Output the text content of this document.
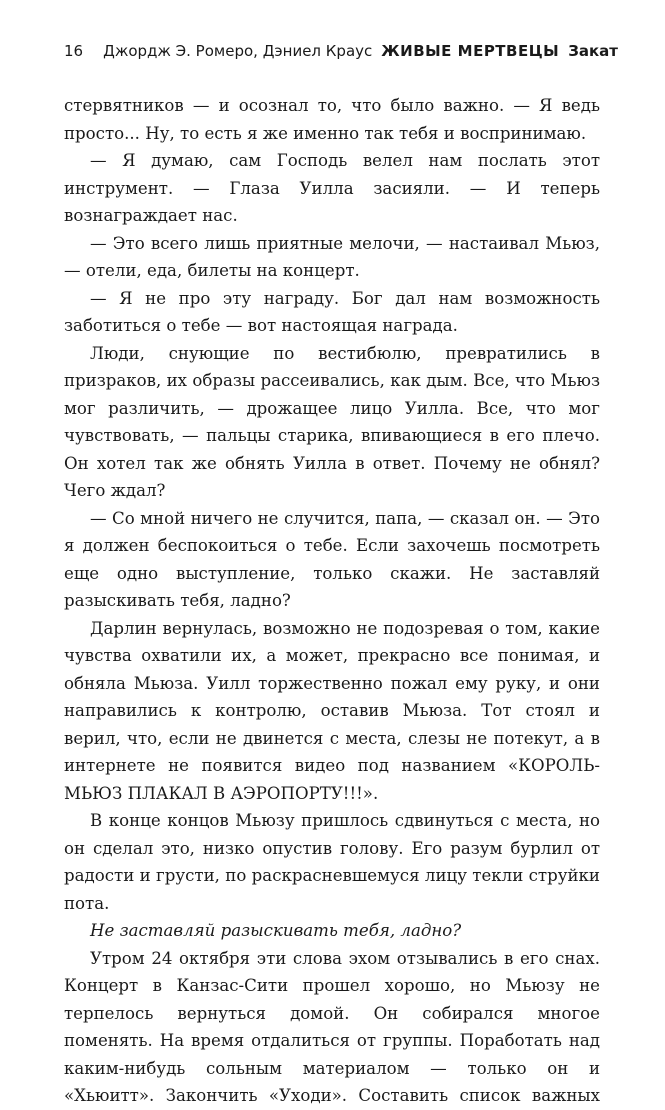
16 Джордж Э. Ромеро, Дэниел Краус ЖИВЫЕ МЕРТВЕЦЫ Закат

стервятников — и осознал то, что было важно. — Я ведь просто... Ну, то есть я же именно так тебя и воспринимаю.

— Я думаю, сам Господь велел нам послать этот инструмент. — Глаза Уилла засияли. — И теперь вознаграждает нас.

— Это всего лишь приятные мелочи, — настаивал Мьюз, — отели, еда, билеты на концерт.

— Я не про эту награду. Бог дал нам возможность заботиться о тебе — вот настоящая награда.

Люди, снующие по вестибюлю, превратились в призраков, их образы рассеивались, как дым. Все, что Мьюз мог различить, — дрожащее лицо Уилла. Все, что мог чувствовать, — пальцы старика, впивающиеся в его плечо. Он хотел так же обнять Уилла в ответ. Почему не обнял? Чего ждал?

— Со мной ничего не случится, папа, — сказал он. — Это я должен беспокоиться о тебе. Если захочешь посмотреть еще одно выступление, только скажи. Не заставляй разыскивать тебя, ладно?

Дарлин вернулась, возможно не подозревая о том, какие чувства охватили их, а может, прекрасно все понимая, и обняла Мьюза. Уилл торжественно пожал ему руку, и они направились к контролю, оставив Мьюза. Тот стоял и верил, что, если не двинется с места, слезы не потекут, а в интернете не появится видео под названием «КОРОЛЬ-МЬЮЗ ПЛАКАЛ В АЭРОПОРТУ!!!».

В конце концов Мьюзу пришлось сдвинуться с места, но он сделал это, низко опустив голову. Его разум бурлил от радости и грусти, по раскрасневшемуся лицу текли струйки пота.

Не заставляй разыскивать тебя, ладно?

Утром 24 октября эти слова эхом отзывались в его снах. Концерт в Канзас-Сити прошел хорошо, но Мьюзу не терпелось вернуться домой. Он собирался многое поменять. На время отдалиться от группы. Поработать над каким-нибудь сольным материалом — только он и «Хьюитт». Закончить «Уходи». Составить список важных
